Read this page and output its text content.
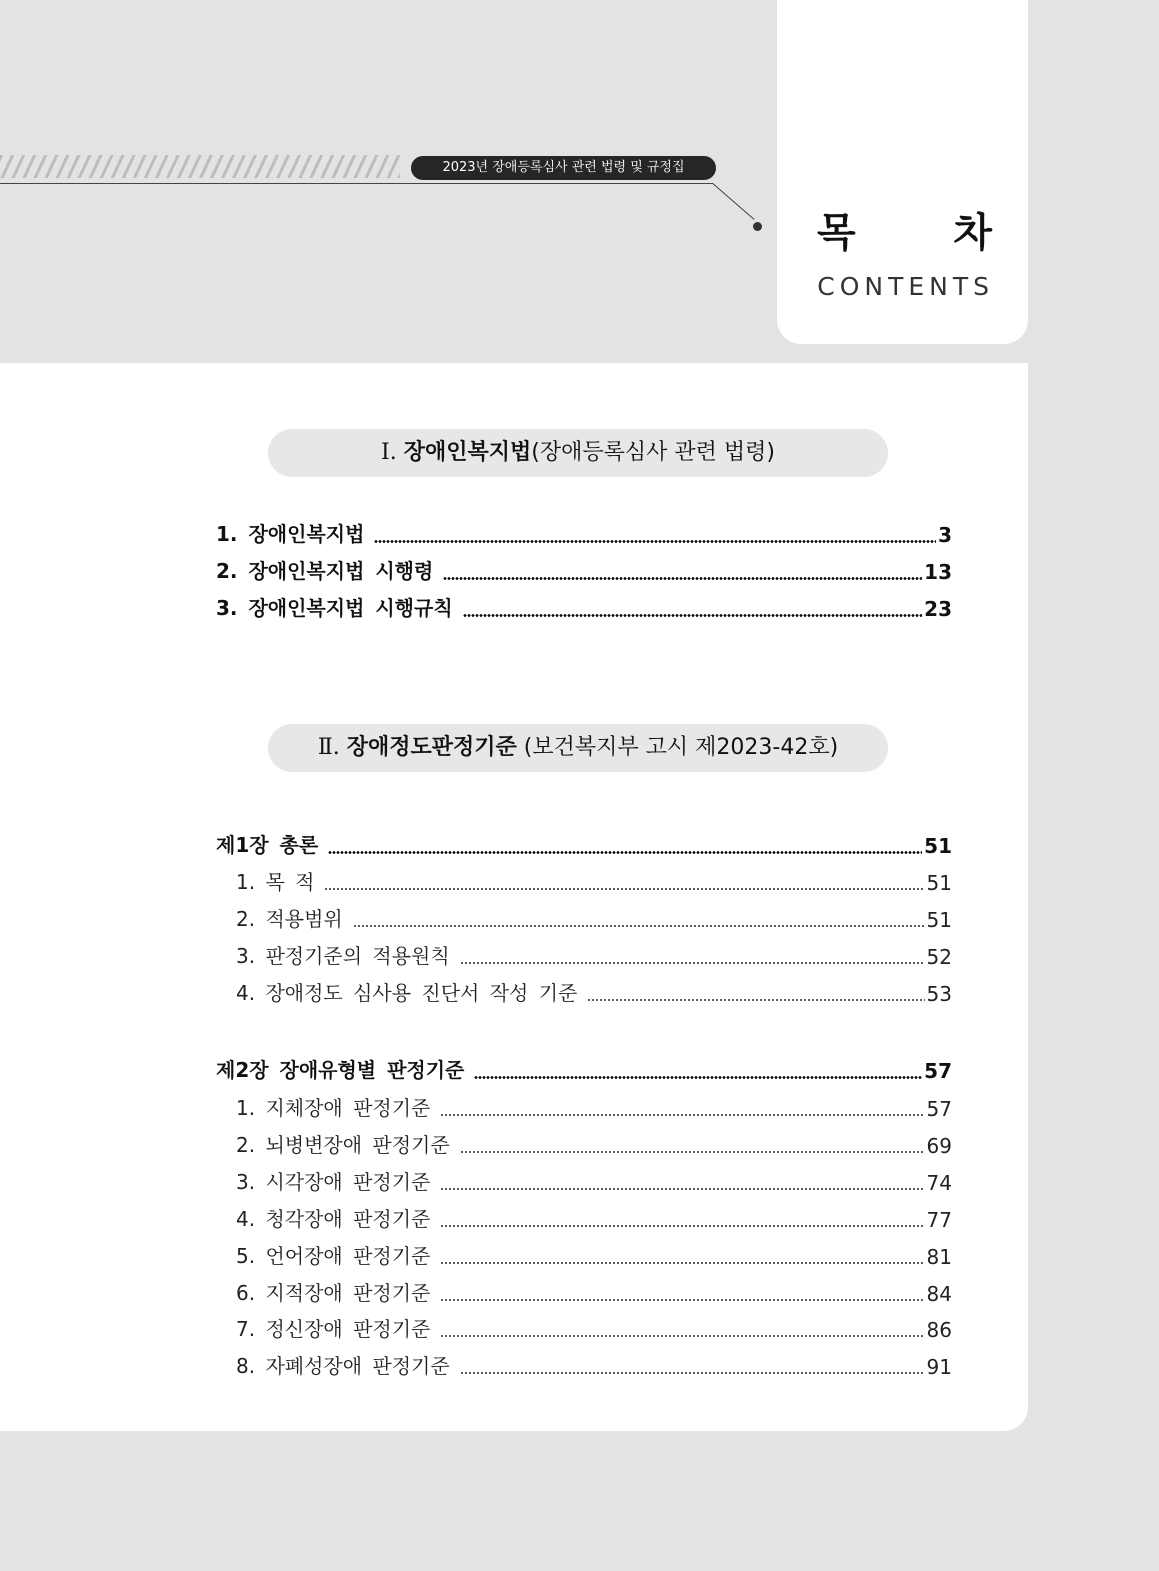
2023년 장애등록심사 관련 법령 및 규정집
목 차
CONTENTS
Ⅰ. 장애인복지법(장애등록심사 관련 법령)
1. 장애인복지법	3
2. 장애인복지법 시행령	13
3. 장애인복지법 시행규칙	23
Ⅱ. 장애정도판정기준 (보건복지부 고시 제2023-42호)
제1장 총론	51
1. 목 적	51
2. 적용범위	51
3. 판정기준의 적용원칙	52
4. 장애정도 심사용 진단서 작성 기준	53
제2장 장애유형별 판정기준	57
1. 지체장애 판정기준	57
2. 뇌병변장애 판정기준	69
3. 시각장애 판정기준	74
4. 청각장애 판정기준	77
5. 언어장애 판정기준	81
6. 지적장애 판정기준	84
7. 정신장애 판정기준	86
8. 자폐성장애 판정기준	91
